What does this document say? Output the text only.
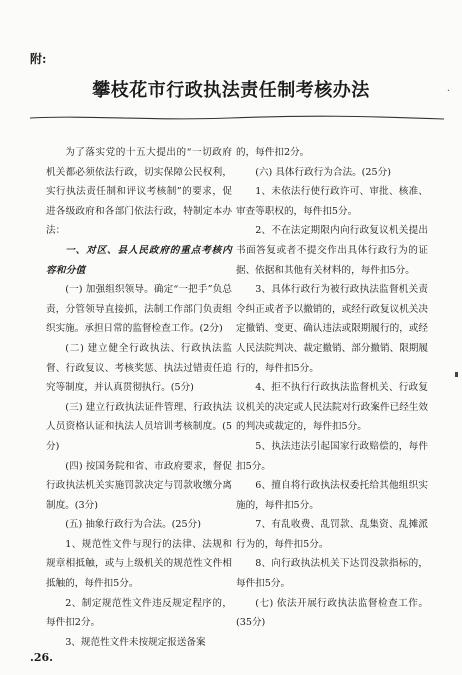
附:
攀枝花市行政执法责任制考核办法	·

为了落实党的十五大提出的“一切政府机关都必须依法行政，切实保障公民权利，实行执法责任制和评议考核制”的要求，促进各级政府和各部门依法行政，特制定本办法：

一、对区、县人民政府的重点考核内容和分值

(一) 加强组织领导。确定“一把手”负总责，分管领导直接抓，法制工作部门负责组织实施。承担日常的监督检查工作。(2分)

(二) 建立健全行政执法、行政执法监督、行政复议、考核奖惩、执法过错责任追究等制度，并认真贯彻执行。(5分)

(三) 建立行政执法证件管理、行政执法人员资格认证和执法人员培训考核制度。(5分)

(四) 按国务院和省、市政府要求，督促行政执法机关实施罚款决定与罚款收缴分离制度。(3分)

(五) 抽象行政行为合法。(25分)

1、规范性文件与现行的法律、法规和规章相抵触，或与上级机关的规范性文件相抵触的，每件扣5分。

2、制定规范性文件违反规定程序的，每件扣2分。

3、规范性文件未按规定报送备案

的，每件扣2分。

(六) 具体行政行为合法。(25分)

1、未依法行使行政许可、审批、核准、审查等职权的，每件扣5分。

2、不在法定期限内向行政复议机关提出书面答复或者不提交作出具体行政行为的证据、依据和其他有关材料的，每件扣5分。

3、具体行政行为被行政执法监督机关责令纠正或者予以撤销的，或经行政复议机关决定撤销、变更、确认违法或限期履行的，或经人民法院判决、裁定撤销、部分撤销、限期履行的，每件扣5分。

4、拒不执行行政执法监督机关、行政复议机关的决定或人民法院对行政案件已经生效的判决或裁定的，每件扣5分。

5、执法违法引起国家行政赔偿的，每件扣5分。

6、擅自将行政执法权委托给其他组织实施的，每件扣5分。

7、有乱收费、乱罚款、乱集资、乱摊派行为的，每件扣5分。

8、向行政执法机关下达罚没款指标的，每件扣5分。

(七) 依法开展行政执法监督检查工作。(35分)

.26.
